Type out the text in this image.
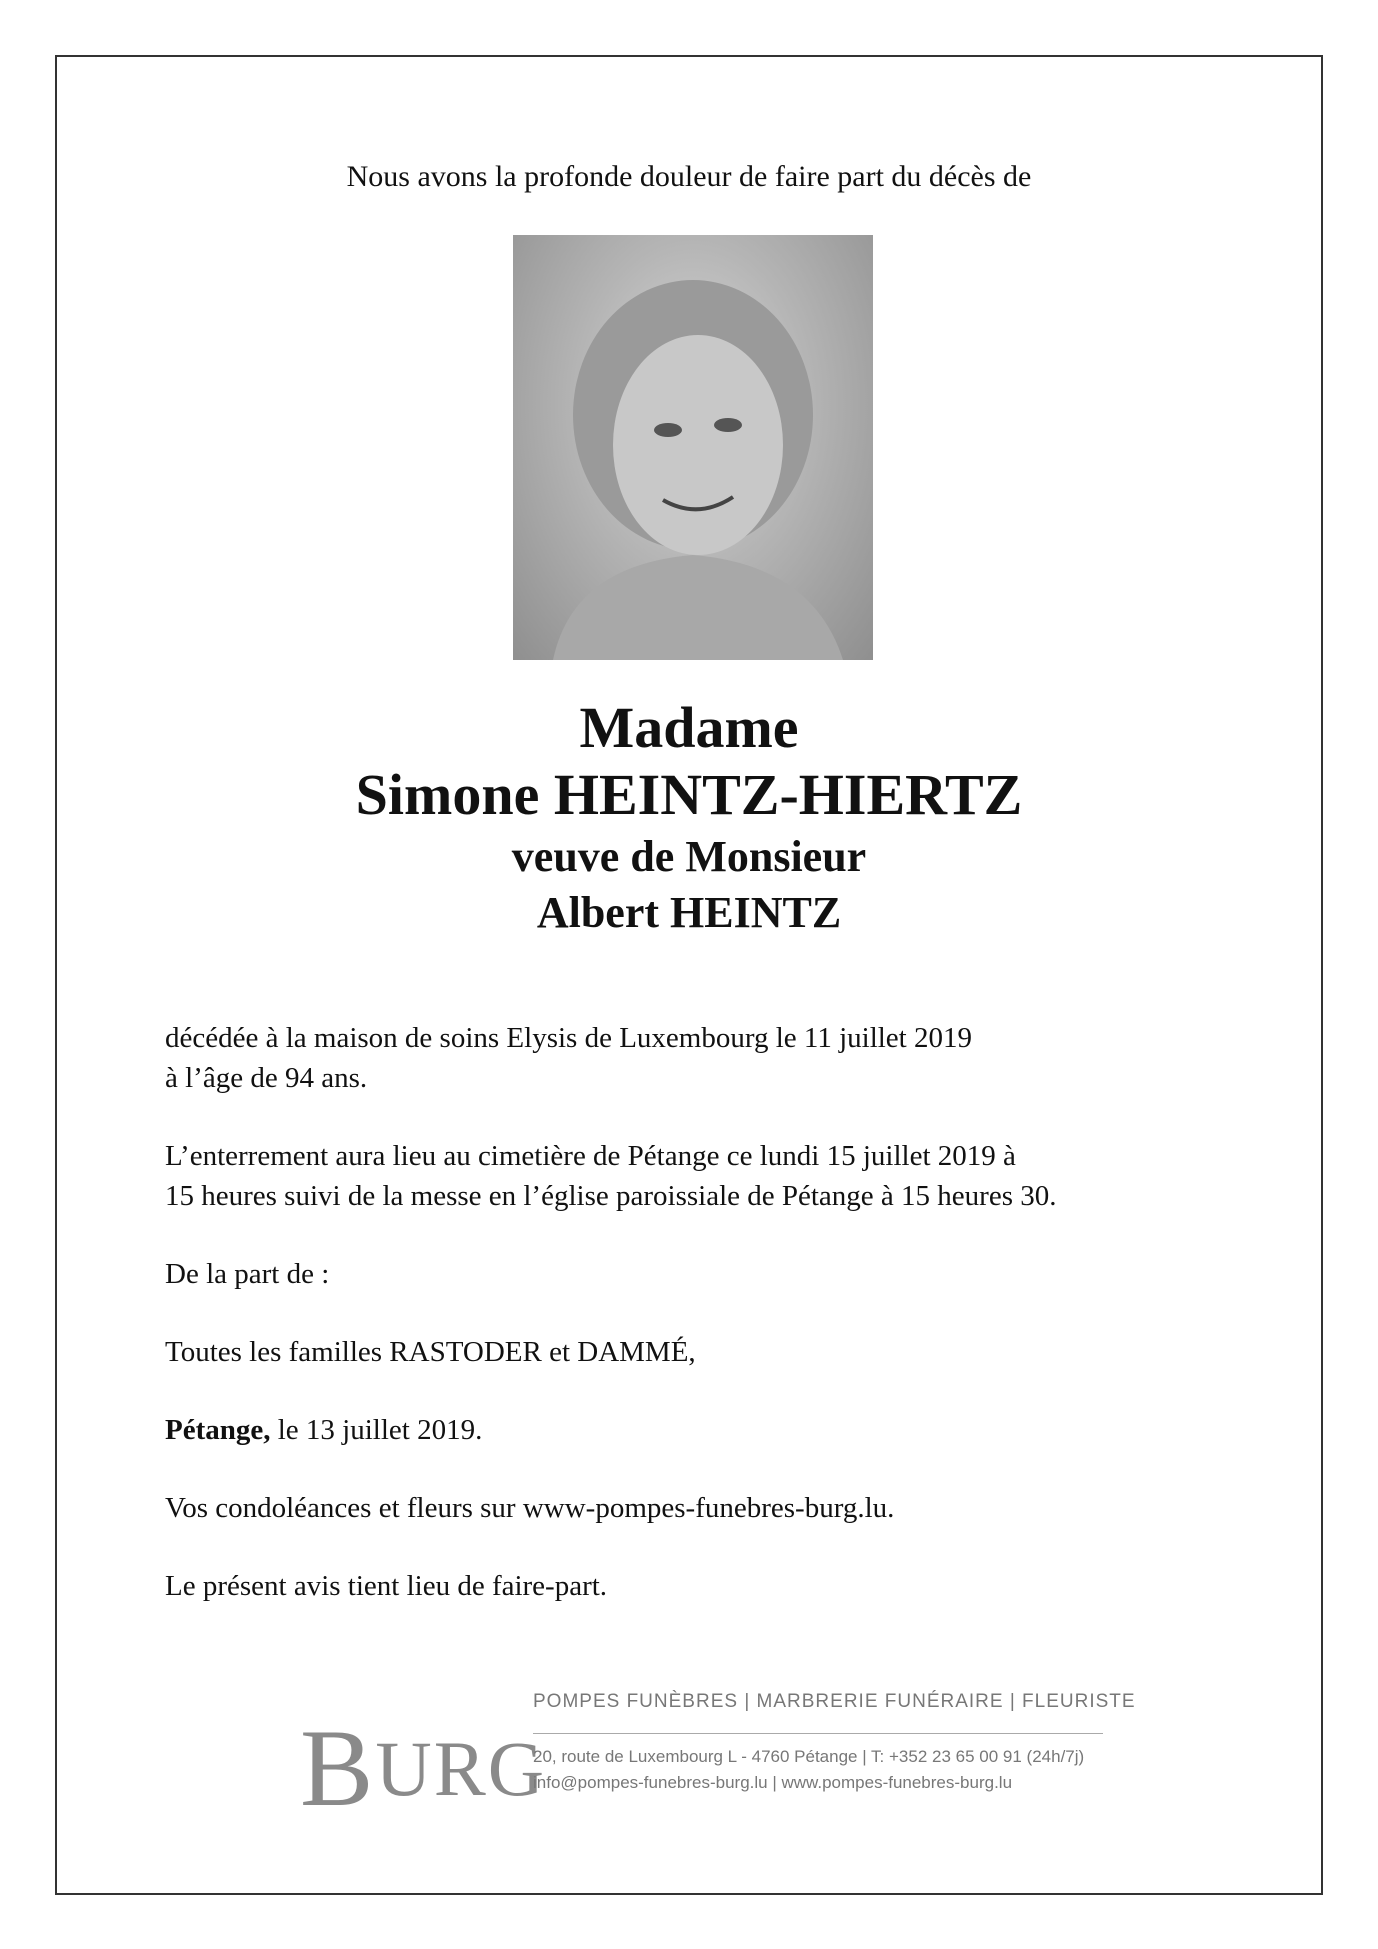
Nous avons la profonde douleur de faire part du décès de
Madame
Simone HEINTZ-HIERTZ
veuve de Monsieur
Albert HEINTZ

décédée à la maison de soins Elysis de Luxembourg le 11 juillet 2019

à l’âge de 94 ans.

L’enterrement aura lieu au cimetière de Pétange ce lundi 15 juillet 2019 à

15 heures suivi de la messe en l’église paroissiale de Pétange à 15 heures 30.

De la part de :

Toutes les familles RASTODER et DAMMÉ,

Pétange, le 13 juillet 2019.

Vos condoléances et fleurs sur www-pompes-funebres-burg.lu.

Le présent avis tient lieu de faire-part.

BURG
POMPES FUNÈBRES | MARBRERIE FUNÉRAIRE | FLEURISTE
20, route de Luxembourg L - 4760 Pétange | T: +352 23 65 00 91 (24h/7j)
info@pompes-funebres-burg.lu | www.pompes-funebres-burg.lu
